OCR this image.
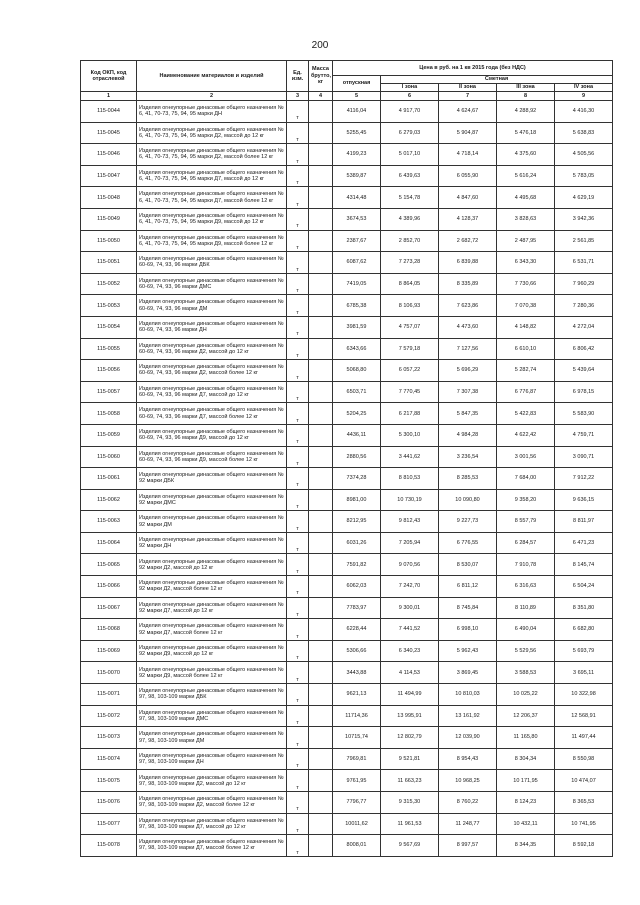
200
Код ОКП, код отраслевой	Наименование материалов и изделий	Ед. изм.	Масса брутто, кг	Цена в руб. на 1 кв 2015 года (без НДС)				
				отпускная	Сметная			
					I зона	II зона	III зона	IV зона
1	2	3	4	5	6	7	8	9
115-0044	Изделия огнеупорные динасовые общего назначения № 6, 41, 70-73, 75, 94, 95 марки ДН	т		4116,04	4 917,70	4 624,67	4 288,92	4 416,30
115-0045	Изделия огнеупорные динасовые общего назначения № 6, 41, 70-73, 75, 94, 95 марки Д2, массой до 12 кг	т		5255,45	6 279,03	5 904,87	5 476,18	5 638,83
115-0046	Изделия огнеупорные динасовые общего назначения № 6, 41, 70-73, 75, 94, 95 марки Д2, массой более 12 кг	т		4199,23	5 017,10	4 718,14	4 375,60	4 505,56
115-0047	Изделия огнеупорные динасовые общего назначения № 6, 41, 70-73, 75, 94, 95 марки Д7, массой до 12 кг	т		5389,87	6 439,63	6 055,90	5 616,24	5 783,05
115-0048	Изделия огнеупорные динасовые общего назначения № 6, 41, 70-73, 75, 94, 95 марки Д7, массой более 12 кг	т		4314,48	5 154,78	4 847,60	4 495,68	4 629,19
115-0049	Изделия огнеупорные динасовые общего назначения № 6, 41, 70-73, 75, 94, 95 марки Д9, массой до 12 кг	т		3674,53	4 389,96	4 128,37	3 828,63	3 942,36
115-0050	Изделия огнеупорные динасовые общего назначения № 6, 41, 70-73, 75, 94, 95 марки Д9, массой более 12 кг	т		2387,67	2 852,70	2 682,72	2 487,95	2 561,85
115-0051	Изделия огнеупорные динасовые общего назначения № 60-69, 74, 93, 96 марки ДБК	т		6087,62	7 273,28	6 839,88	6 343,30	6 531,71
115-0052	Изделия огнеупорные динасовые общего назначения № 60-69, 74, 93, 96 марки ДМС	т		7419,05	8 864,05	8 335,89	7 730,66	7 960,29
115-0053	Изделия огнеупорные динасовые общего назначения № 60-69, 74, 93, 96 марки ДМ	т		6785,38	8 106,93	7 623,86	7 070,38	7 280,36
115-0054	Изделия огнеупорные динасовые общего назначения № 60-69, 74, 93, 96 марки ДН	т		3981,59	4 757,07	4 473,60	4 148,82	4 272,04
115-0055	Изделия огнеупорные динасовые общего назначения № 60-69, 74, 93, 96 марки Д2, массой до 12 кг	т		6343,66	7 579,18	7 127,56	6 610,10	6 806,42
115-0056	Изделия огнеупорные динасовые общего назначения № 60-69, 74, 93, 96 марки Д2, массой более 12 кг	т		5068,80	6 057,22	5 696,29	5 282,74	5 439,64
115-0057	Изделия огнеупорные динасовые общего назначения № 60-69, 74, 93, 96 марки Д7, массой до 12 кг	т		6503,71	7 770,45	7 307,38	6 776,87	6 978,15
115-0058	Изделия огнеупорные динасовые общего назначения № 60-69, 74, 93, 96 марки Д7, массой более 12 кг	т		5204,25	6 217,88	5 847,35	5 422,83	5 583,90
115-0059	Изделия огнеупорные динасовые общего назначения № 60-69, 74, 93, 96 марки Д9, массой до 12 кг	т		4436,11	5 300,10	4 984,28	4 622,42	4 759,71
115-0060	Изделия огнеупорные динасовые общего назначения № 60-69, 74, 93, 96 марки Д9, массой более 12 кг	т		2880,56	3 441,62	3 236,54	3 001,56	3 090,71
115-0061	Изделия огнеупорные динасовые общего назначения № 92 марки ДБК	т		7374,28	8 810,53	8 285,53	7 684,00	7 912,22
115-0062	Изделия огнеупорные динасовые общего назначения № 92 марки ДМС	т		8981,00	10 730,19	10 090,80	9 358,20	9 636,15
115-0063	Изделия огнеупорные динасовые общего назначения № 92 марки ДМ	т		8212,95	9 812,43	9 227,73	8 557,79	8 811,97
115-0064	Изделия огнеупорные динасовые общего назначения № 92 марки ДН	т		6031,26	7 205,94	6 776,55	6 284,57	6 471,23
115-0065	Изделия огнеупорные динасовые общего назначения № 92 марки Д2, массой до 12 кг	т		7591,82	9 070,56	8 530,07	7 910,78	8 145,74
115-0066	Изделия огнеупорные динасовые общего назначения № 92 марки Д2, массой более 12 кг	т		6062,03	7 242,70	6 811,12	6 316,63	6 504,24
115-0067	Изделия огнеупорные динасовые общего назначения № 92 марки Д7, массой до 12 кг	т		7783,97	9 300,01	8 745,84	8 110,89	8 351,80
115-0068	Изделия огнеупорные динасовые общего назначения № 92 марки Д7, массой более 12 кг	т		6228,44	7 441,52	6 998,10	6 490,04	6 682,80
115-0069	Изделия огнеупорные динасовые общего назначения № 92 марки Д9, массой до 12 кг	т		5306,66	6 340,23	5 962,43	5 529,56	5 693,79
115-0070	Изделия огнеупорные динасовые общего назначения № 92 марки Д9, массой более 12 кг	т		3443,88	4 114,53	3 869,45	3 588,53	3 695,11
115-0071	Изделия огнеупорные динасовые общего назначения № 97, 98, 103-109 марки ДБК	т		9621,13	11 494,99	10 810,03	10 025,22	10 322,98
115-0072	Изделия огнеупорные динасовые общего назначения № 97, 98, 103-109 марки ДМС	т		11714,36	13 995,91	13 161,92	12 206,37	12 568,91
115-0073	Изделия огнеупорные динасовые общего назначения № 97, 98, 103-109 марки ДМ	т		10715,74	12 802,79	12 039,90	11 165,80	11 497,44
115-0074	Изделия огнеупорные динасовые общего назначения № 97, 98, 103-109 марки ДН	т		7969,81	9 521,81	8 954,43	8 304,34	8 550,98
115-0075	Изделия огнеупорные динасовые общего назначения № 97, 98, 103-109 марки Д2, массой до 12 кг	т		9761,95	11 663,23	10 968,25	10 171,95	10 474,07
115-0076	Изделия огнеупорные динасовые общего назначения № 97, 98, 103-109 марки Д2, массой более 12 кг	т		7796,77	9 315,30	8 760,22	8 124,23	8 365,53
115-0077	Изделия огнеупорные динасовые общего назначения № 97, 98, 103-109 марки Д7, массой до 12 кг	т		10011,62	11 961,53	11 248,77	10 432,11	10 741,95
115-0078	Изделия огнеупорные динасовые общего назначения № 97, 98, 103-109 марки Д7, массой более 12 кг	т		8008,01	9 567,69	8 997,57	8 344,35	8 592,18
